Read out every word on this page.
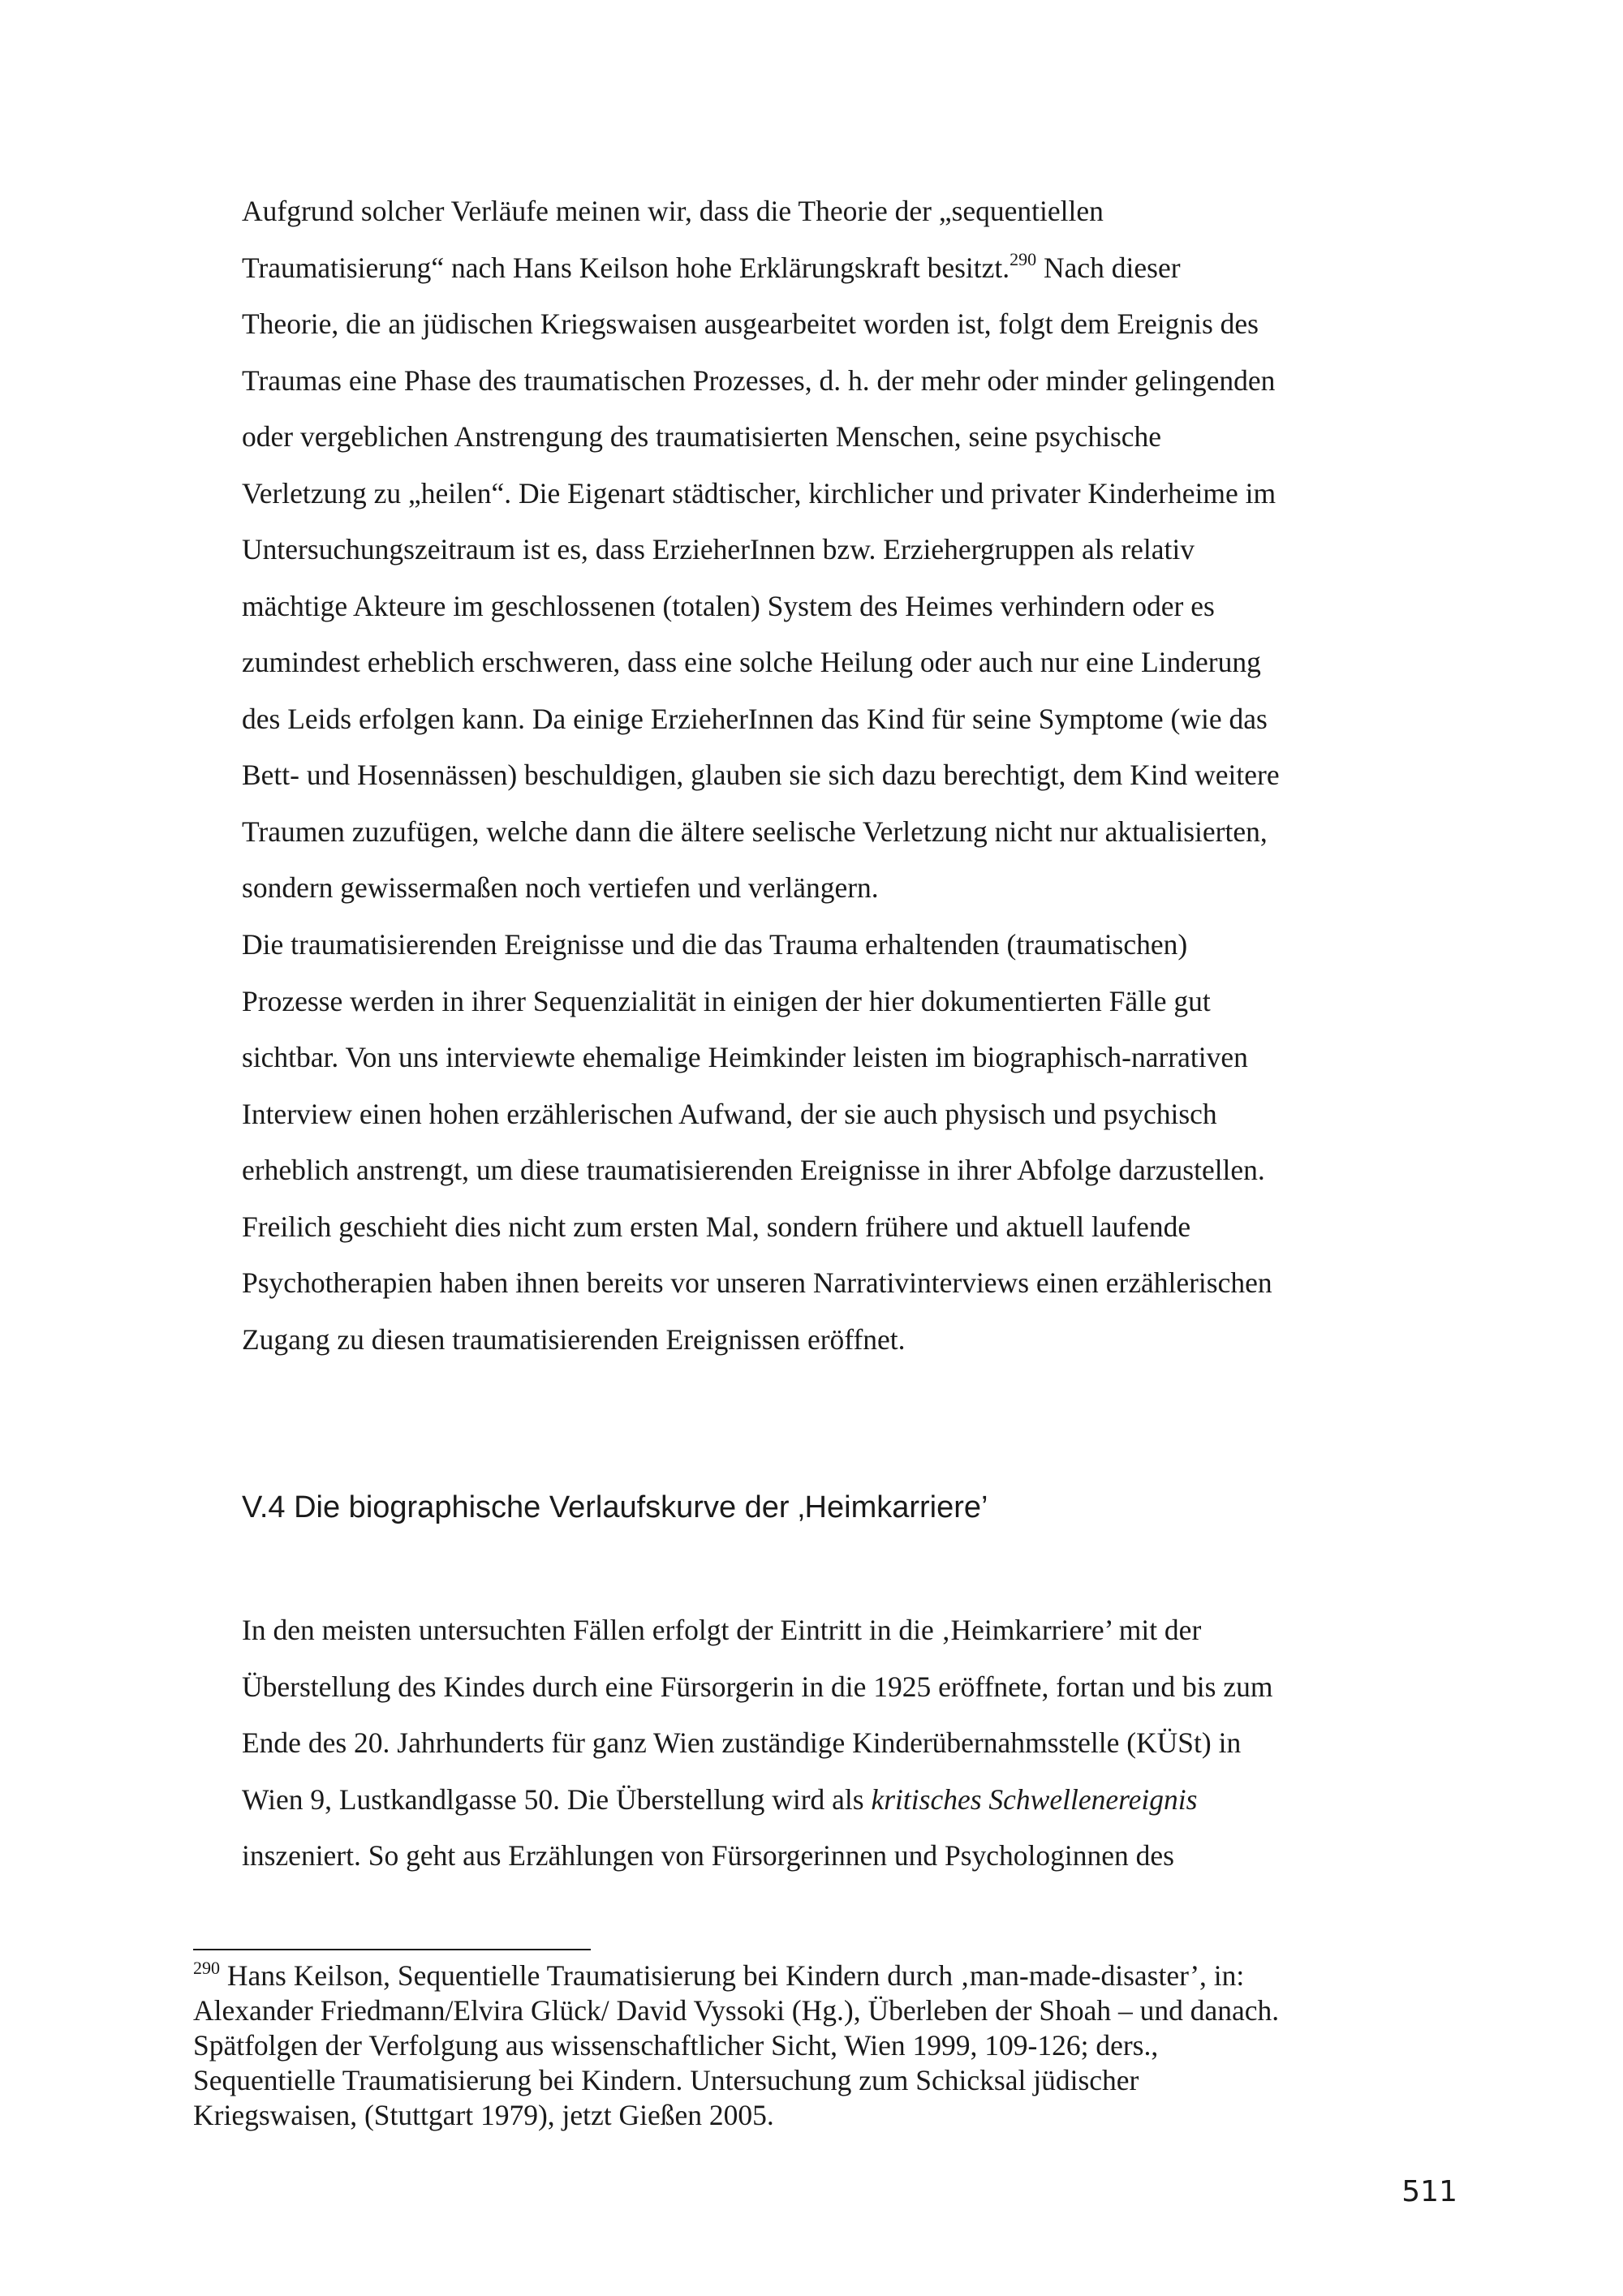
Aufgrund solcher Verläufe meinen wir, dass die Theorie der „sequentiellen
Traumatisierung“ nach Hans Keilson hohe Erklärungskraft besitzt.$^{290}$ Nach dieser
Theorie, die an jüdischen Kriegswaisen ausgearbeitet worden ist, folgt dem Ereignis des
Traumas eine Phase des traumatischen Prozesses, d. h. der mehr oder minder gelingenden
oder vergeblichen Anstrengung des traumatisierten Menschen, seine psychische
Verletzung zu „heilen“. Die Eigenart städtischer, kirchlicher und privater Kinderheime im
Untersuchungszeitraum ist es, dass ErzieherInnen bzw. Erziehergruppen als relativ
mächtige Akteure im geschlossenen (totalen) System des Heimes verhindern oder es
zumindest erheblich erschweren, dass eine solche Heilung oder auch nur eine Linderung
des Leids erfolgen kann. Da einige ErzieherInnen das Kind für seine Symptome (wie das
Bett- und Hosennässen) beschuldigen, glauben sie sich dazu berechtigt, dem Kind weitere
Traumen zuzufügen, welche dann die ältere seelische Verletzung nicht nur aktualisierten,
sondern gewissermaßen noch vertiefen und verlängern.

Die traumatisierenden Ereignisse und die das Trauma erhaltenden (traumatischen)
Prozesse werden in ihrer Sequenzialität in einigen der hier dokumentierten Fälle gut
sichtbar. Von uns interviewte ehemalige Heimkinder leisten im biographisch-narrativen
Interview einen hohen erzählerischen Aufwand, der sie auch physisch und psychisch
erheblich anstrengt, um diese traumatisierenden Ereignisse in ihrer Abfolge darzustellen.
Freilich geschieht dies nicht zum ersten Mal, sondern frühere und aktuell laufende
Psychotherapien haben ihnen bereits vor unseren Narrativinterviews einen erzählerischen
Zugang zu diesen traumatisierenden Ereignissen eröffnet.

V.4 Die biographische Verlaufskurve der ‚Heimkarriere’

In den meisten untersuchten Fällen erfolgt der Eintritt in die ‚Heimkarriere’ mit der
Überstellung des Kindes durch eine Fürsorgerin in die 1925 eröffnete, fortan und bis zum
Ende des 20. Jahrhunderts für ganz Wien zuständige Kinderübernahmsstelle (KÜSt) in
Wien 9, Lustkandlgasse 50. Die Überstellung wird als kritisches Schwellenereignis
inszeniert. So geht aus Erzählungen von Fürsorgerinnen und Psychologinnen des

$^{290}$ Hans Keilson, Sequentielle Traumatisierung bei Kindern durch ‚man-made-disaster’, in:
Alexander Friedmann/Elvira Glück/ David Vyssoki (Hg.), Überleben der Shoah – und danach.
Spätfolgen der Verfolgung aus wissenschaftlicher Sicht, Wien 1999, 109-126; ders.,
Sequentielle Traumatisierung bei Kindern. Untersuchung zum Schicksal jüdischer
Kriegswaisen, (Stuttgart 1979), jetzt Gießen 2005.

511
